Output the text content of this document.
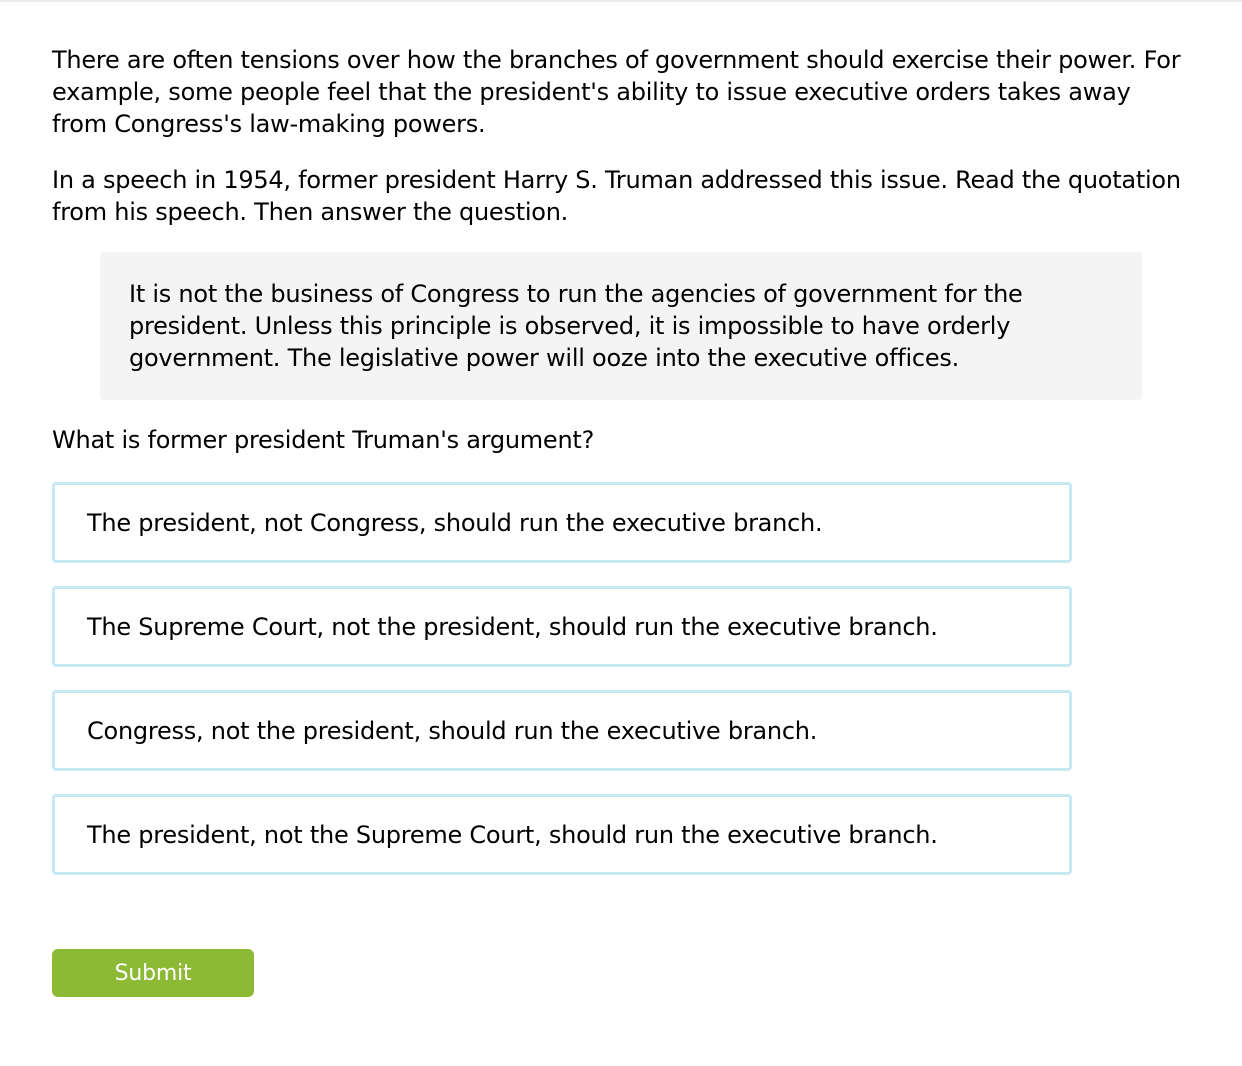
There are often tensions over how the branches of government should exercise their power. For example, some people feel that the president's ability to issue executive orders takes away from Congress's law-making powers.

In a speech in 1954, former president Harry S. Truman addressed this issue. Read the quotation from his speech. Then answer the question.

It is not the business of Congress to run the agencies of government for the president. Unless this principle is observed, it is impossible to have orderly government. The legislative power will ooze into the executive offices.

What is former president Truman's argument?

The president, not Congress, should run the executive branch.
The Supreme Court, not the president, should run the executive branch.
Congress, not the president, should run the executive branch.
The president, not the Supreme Court, should run the executive branch.
Submit
